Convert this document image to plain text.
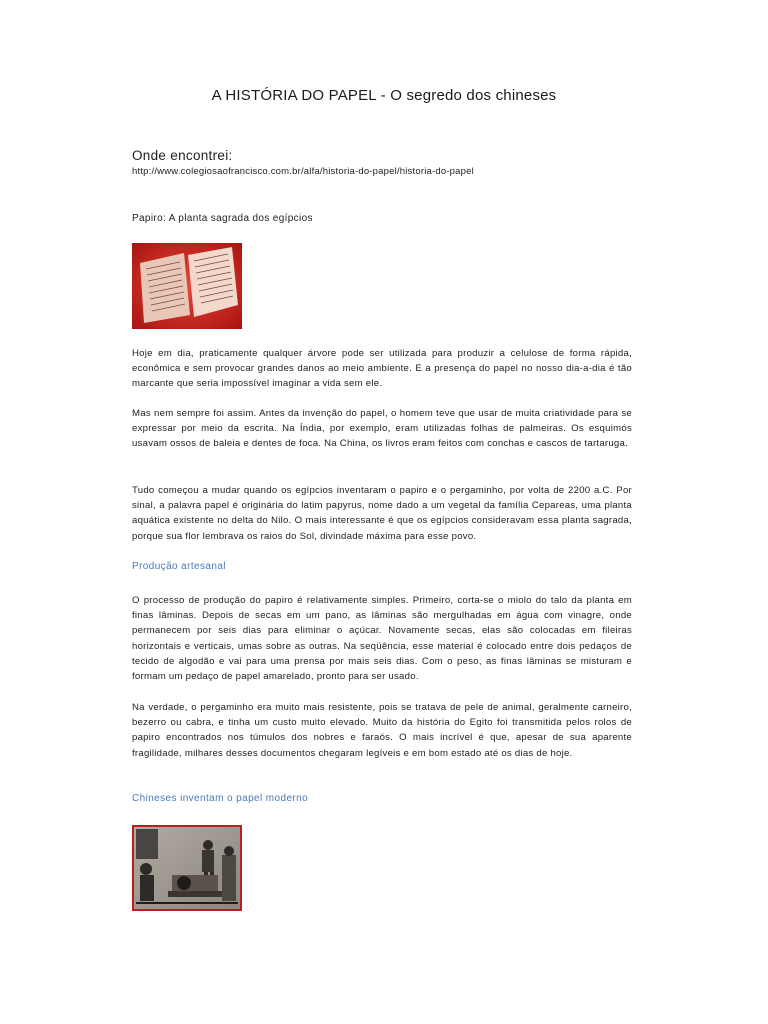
A HISTÓRIA DO PAPEL - O segredo dos chineses
Onde encontrei:
http://www.colegiosaofrancisco.com.br/alfa/historia-do-papel/historia-do-papel
Papiro: A planta sagrada dos egípcios

Hoje em dia, praticamente qualquer árvore pode ser utilizada para produzir a celulose de forma rápida, econômica e sem provocar grandes danos ao meio ambiente. E a presença do papel no nosso dia-a-dia é tão marcante que seria impossível imaginar a vida sem ele.

Mas nem sempre foi assim. Antes da invenção do papel, o homem teve que usar de muita criatividade para se expressar por meio da escrita. Na Índia, por exemplo, eram utilizadas folhas de palmeiras. Os esquimós usavam ossos de baleia e dentes de foca. Na China, os livros eram feitos com conchas e cascos de tartaruga.

Tudo começou a mudar quando os egípcios inventaram o papiro e o pergaminho, por volta de 2200 a.C. Por sinal, a palavra papel é originária do latim papyrus, nome dado a um vegetal da família Cepareas, uma planta aquática existente no delta do Nilo. O mais interessante é que os egípcios consideravam essa planta sagrada, porque sua flor lembrava os raios do Sol, divindade máxima para esse povo.

Produção artesanal

O processo de produção do papiro é relativamente simples. Primeiro, corta-se o miolo do talo da planta em finas lâminas. Depois de secas em um pano, as lâminas são mergulhadas em água com vinagre, onde permanecem por seis dias para eliminar o açúcar. Novamente secas, elas são colocadas em fileiras horizontais e verticais, umas sobre as outras. Na seqüência, esse material é colocado entre dois pedaços de tecido de algodão e vai para uma prensa por mais seis dias. Com o peso, as finas lâminas se misturam e formam um pedaço de papel amarelado, pronto para ser usado.

Na verdade, o pergaminho era muito mais resistente, pois se tratava de pele de animal, geralmente carneiro, bezerro ou cabra, e tinha um custo muito elevado. Muito da história do Egito foi transmitida pelos rolos de papiro encontrados nos túmulos dos nobres e faraós. O mais incrível é que, apesar de sua aparente fragilidade, milhares desses documentos chegaram legíveis e em bom estado até os dias de hoje.

Chineses inventam o papel moderno
